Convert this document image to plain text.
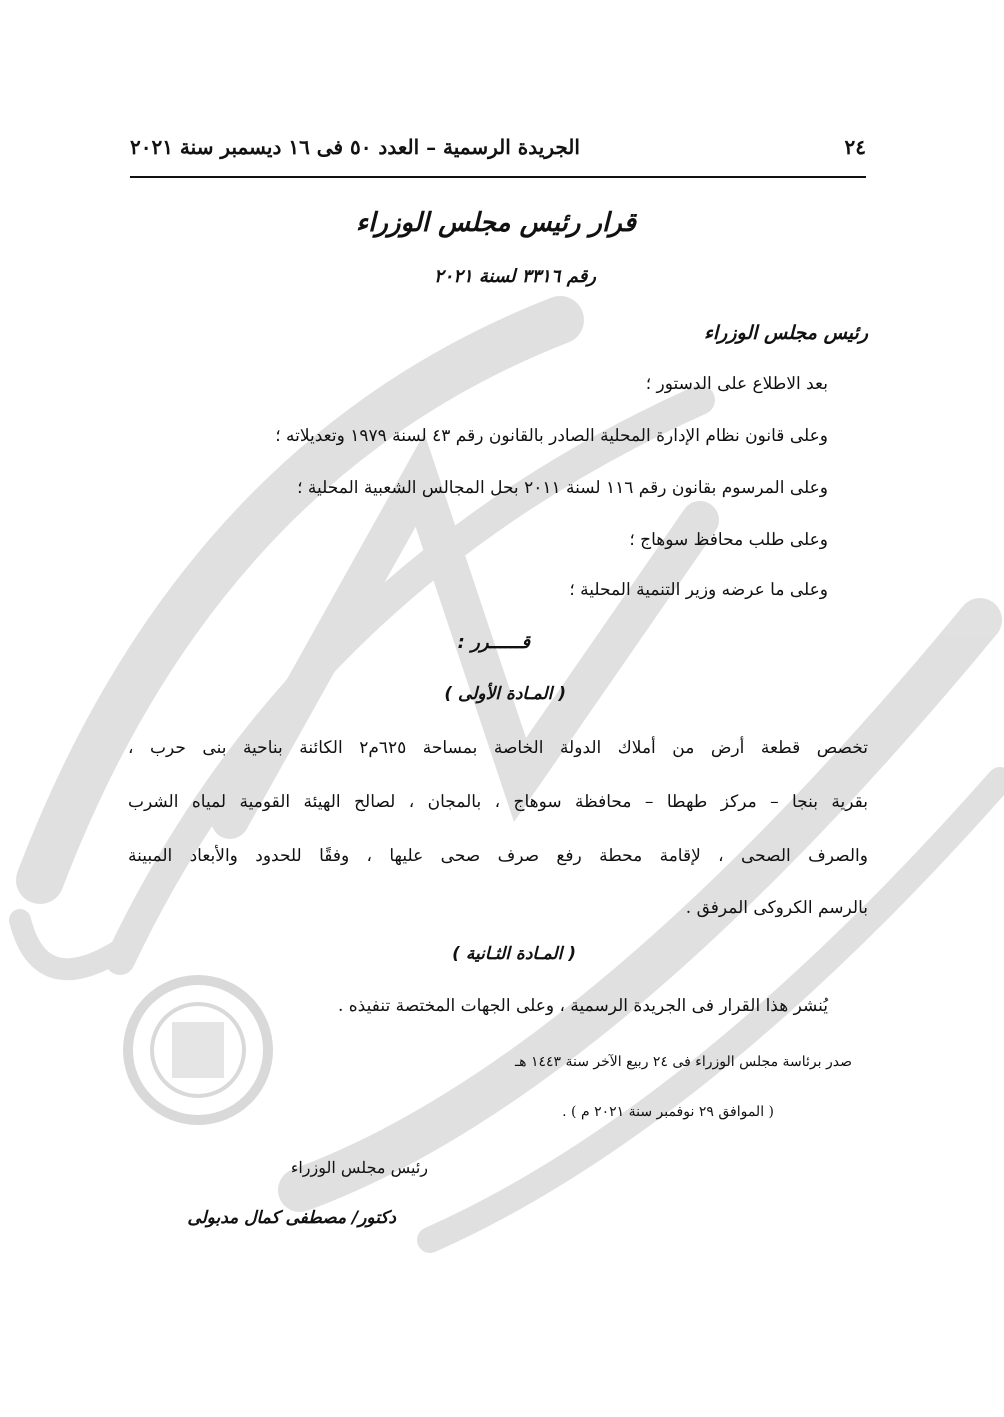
٢٤
الجريدة الرسمية – العدد ٥٠ فى ١٦ ديسمبر سنة ٢٠٢١
قرار رئيس مجلس الوزراء
رقم ٣٣١٦ لسنة ٢٠٢١
رئيس مجلس الوزراء
بعد الاطلاع على الدستور ؛
وعلى قانون نظام الإدارة المحلية الصادر بالقانون رقم ٤٣ لسنة ١٩٧٩ وتعديلاته ؛
وعلى المرسوم بقانون رقم ١١٦ لسنة ٢٠١١ بحل المجالس الشعبية المحلية ؛
وعلى طلب محافظ سوهاج ؛
وعلى ما عرضه وزير التنمية المحلية ؛
قــــــرر :
( المـادة الأولى )
تخصص قطعة أرض من أملاك الدولة الخاصة بمساحة ٦٢٥م٢ الكائنة بناحية بنى حرب ،
بقرية بنجا – مركز طهطا – محافظة سوهاج ، بالمجان ، لصالح الهيئة القومية لمياه الشرب
والصرف الصحى ، لإقامة محطة رفع صرف صحى عليها ، وفقًا للحدود والأبعاد المبينة
بالرسم الكروكى المرفق .
( المـادة الثـانية )
يُنشر هذا القرار فى الجريدة الرسمية ، وعلى الجهات المختصة تنفيذه .
صدر برئاسة مجلس الوزراء فى ٢٤ ربيع الآخر سنة ١٤٤٣ هـ
( الموافق ٢٩ نوفمبر سنة ٢٠٢١ م ) .
رئيس مجلس الوزراء
دكتور/ مصطفى كمال مدبولى
